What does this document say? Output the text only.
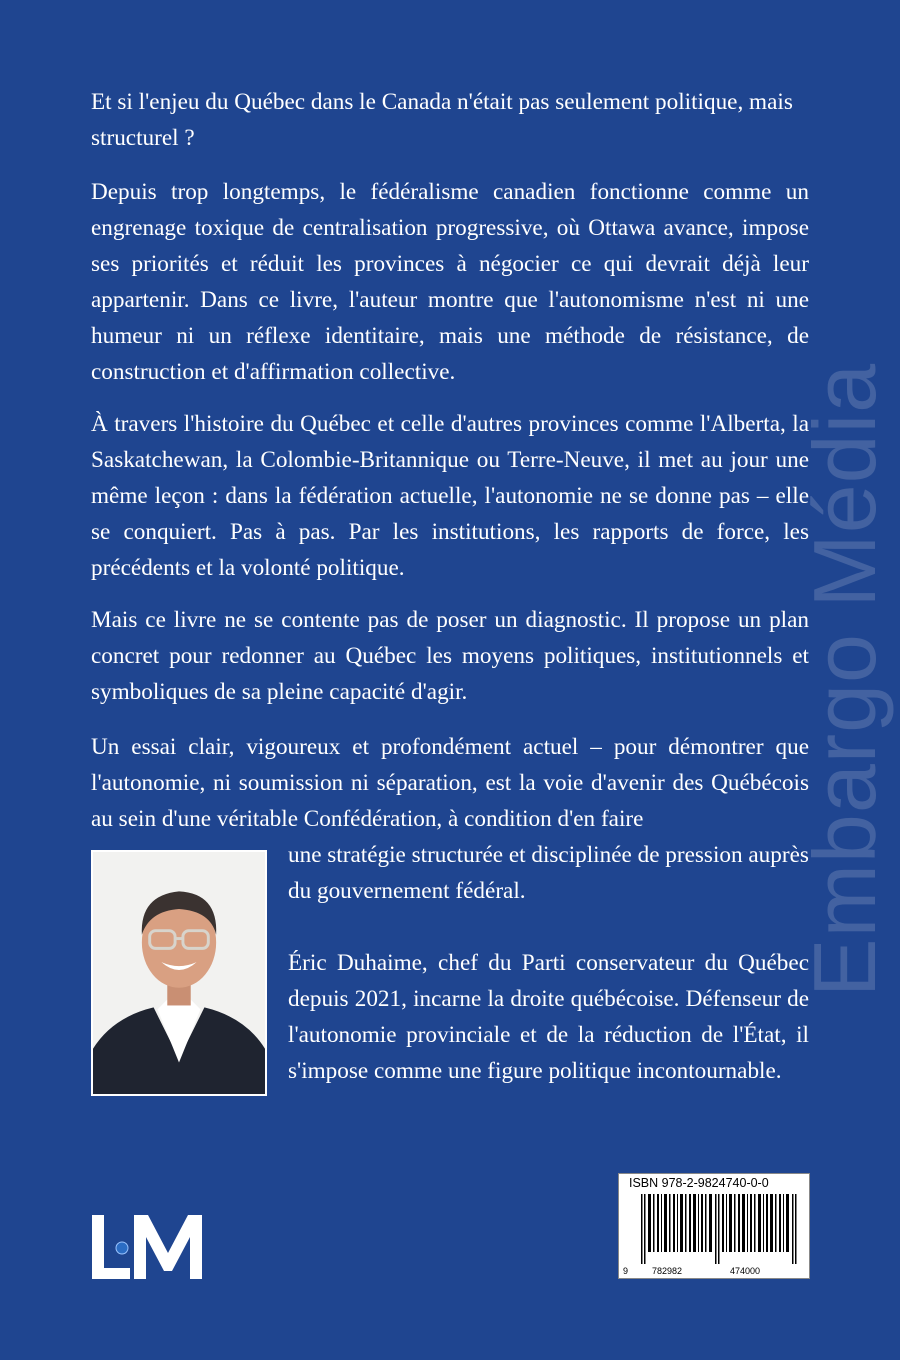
Et si l'enjeu du Québec dans le Canada n'était pas seulement politique, mais structurel ?

Depuis trop longtemps, le fédéralisme canadien fonctionne comme un engrenage toxique de centralisation progressive, où Ottawa avance, impose ses priorités et réduit les provinces à négocier ce qui devrait déjà leur appartenir. Dans ce livre, l'auteur montre que l'autonomisme n'est ni une humeur ni un réflexe identitaire, mais une méthode de résistance, de construction et d'affirmation collective.

À travers l'histoire du Québec et celle d'autres provinces comme l'Alberta, la Saskatchewan, la Colombie-Britannique ou Terre-Neuve, il met au jour une même leçon : dans la fédération actuelle, l'autonomie ne se donne pas – elle se conquiert. Pas à pas. Par les institutions, les rapports de force, les précédents et la volonté politique.

Mais ce livre ne se contente pas de poser un diagnostic. Il propose un plan concret pour redonner au Québec les moyens politiques, institutionnels et symboliques de sa pleine capacité d'agir.

Un essai clair, vigoureux et profondément actuel – pour démontrer que l'autonomie, ni soumission ni séparation, est la voie d'avenir des Québécois au sein d'une véritable Confédération, à condition d'en faire

une stratégie structurée et disciplinée de pression auprès du gouvernement fédéral.

Éric Duhaime, chef du Parti conservateur du Québec depuis 2021, incarne la droite québécoise. Défenseur de l'autonomie provinciale et de la réduction de l'État, il s'impose comme une figure politique incontournable.

Embargo Média
ISBN 978-2-9824740-0-0
9	782982	474000
